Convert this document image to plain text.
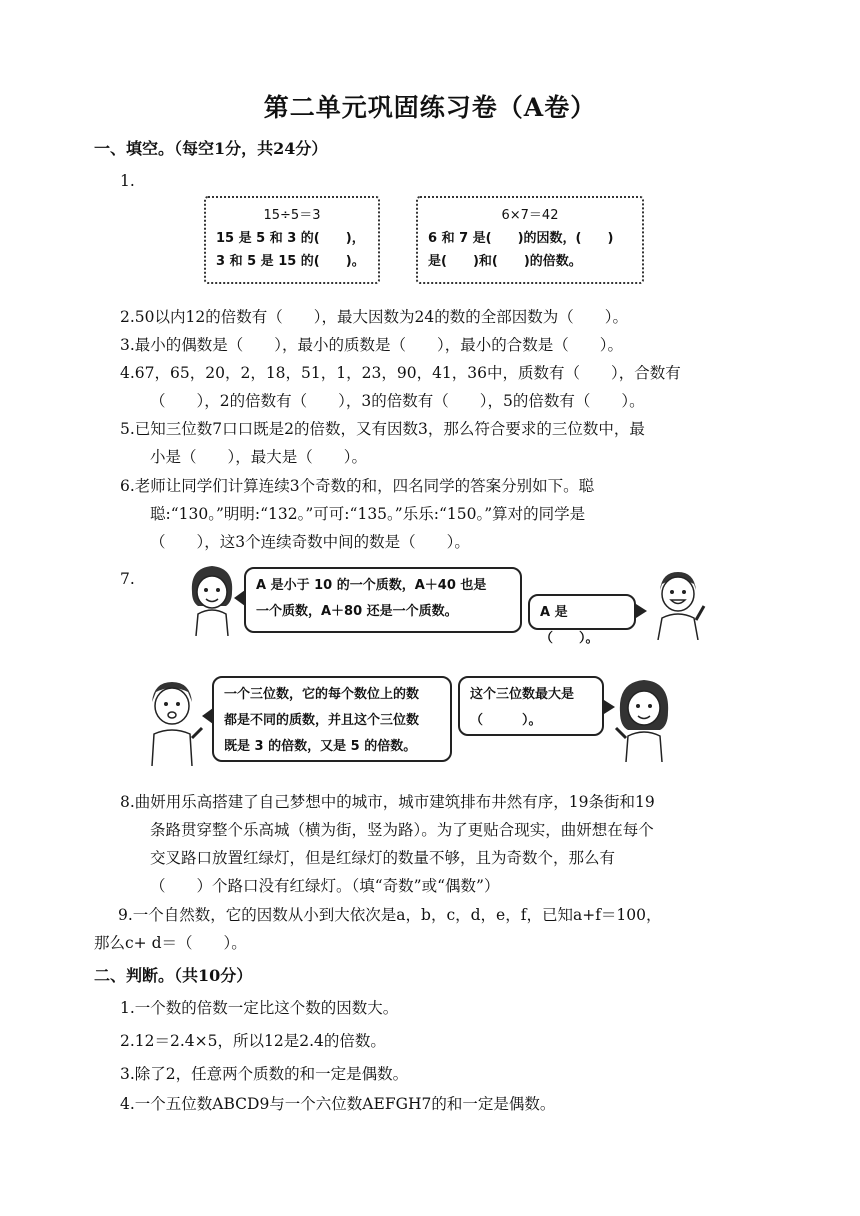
第二单元巩固练习卷（A卷）
一、填空。（每空1分，共24分）
1.
15÷5＝3
15 是 5 和 3 的(　　)，
3 和 5 是 15 的(　　)。
6×7＝42
6 和 7 是(　　)的因数，(　　)
是(　　)和(　　)的倍数。
2.50以内12的倍数有（　　），最大因数为24的数的全部因数为（　　）。
3.最小的偶数是（　　），最小的质数是（　　），最小的合数是（　　）。
4.67，65，20，2，18，51，1，23，90，41，36中，质数有（　　），合数有
（　　），2的倍数有（　　），3的倍数有（　　），5的倍数有（　　）。
5.已知三位数7口口既是2的倍数，又有因数3，那么符合要求的三位数中，最
小是（　　），最大是（　　）。
6.老师让同学们计算连续3个奇数的和，四名同学的答案分别如下。聪
聪:“130。”明明:“132。”可可:“135。”乐乐:“150。”算对的同学是
（　　），这3个连续奇数中间的数是（　　）。
7.	A 是小于 10 的一个质数，A＋40 也是
一个质数，A＋80 还是一个质数。	A 是（　　）。
一个三位数，它的每个数位上的数
都是不同的质数，并且这个三位数
既是 3 的倍数，又是 5 的倍数。
这个三位数最大是
（　　　）。
8.曲妍用乐高搭建了自己梦想中的城市，城市建筑排布井然有序，19条街和19
条路贯穿整个乐高城（横为街，竖为路）。为了更贴合现实，曲妍想在每个
交叉路口放置红绿灯，但是红绿灯的数量不够，且为奇数个，那么有
（　　）个路口没有红绿灯。（填“奇数”或“偶数”）
9.一个自然数，它的因数从小到大依次是a，b，c，d，e，f，已知a+f＝100，
那么c+ d＝（　　）。
二、判断。（共10分）
1.一个数的倍数一定比这个数的因数大。
2.12＝2.4×5，所以12是2.4的倍数。
3.除了2，任意两个质数的和一定是偶数。
4.一个五位数ABCD9与一个六位数AEFGH7的和一定是偶数。
